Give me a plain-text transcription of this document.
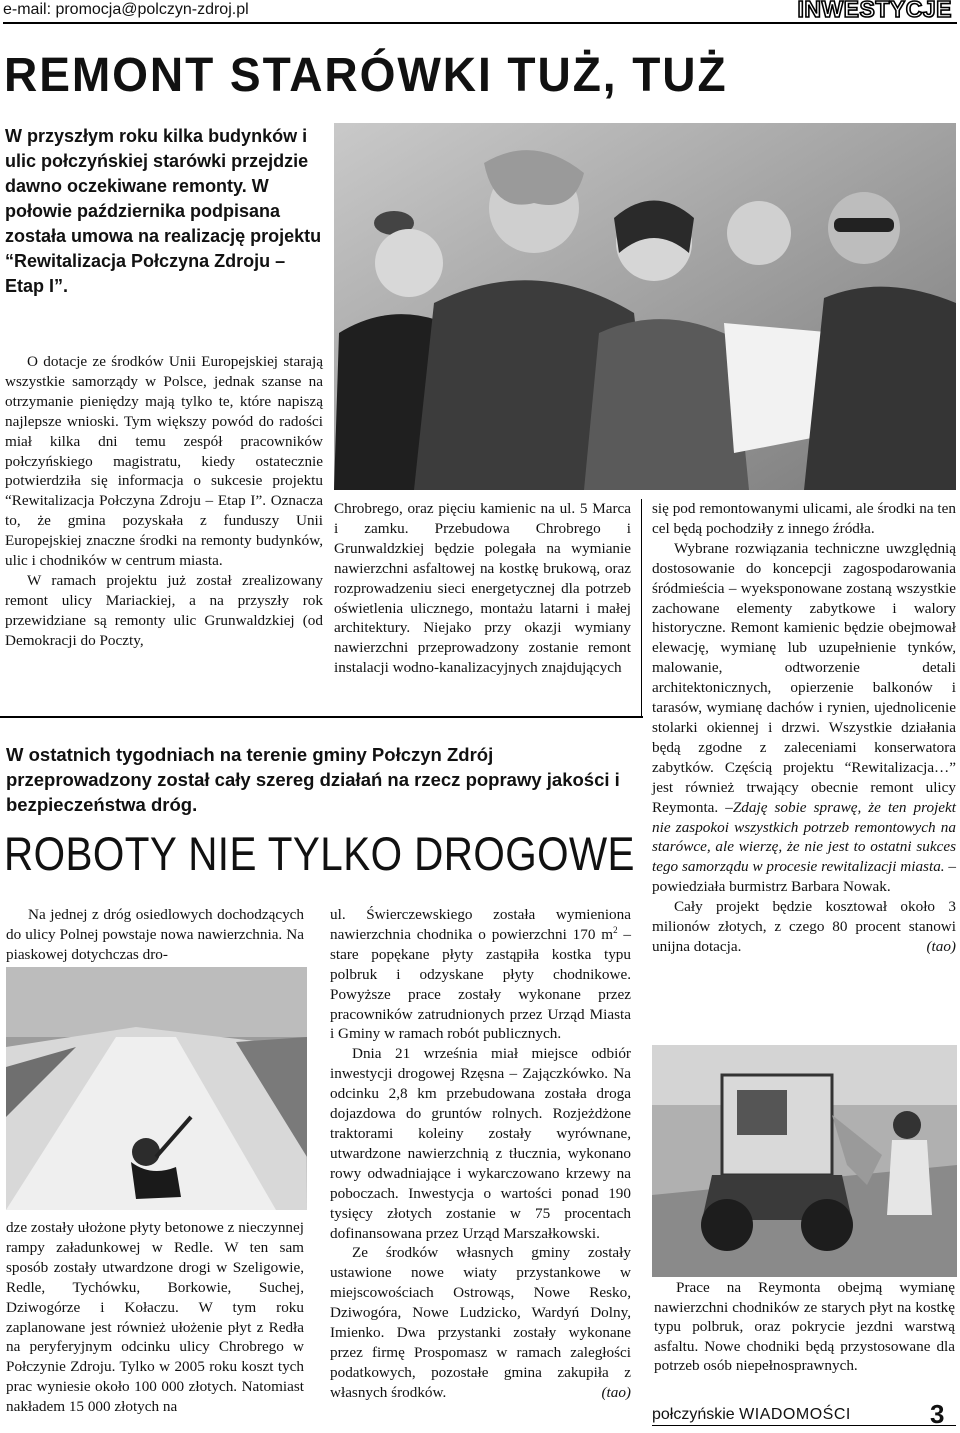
e-mail: promocja@polczyn-zdroj.pl	INWESTYCJE
REMONT STARÓWKI TUŻ, TUŻ
W przyszłym roku kilka budynków i ulic połczyńskiej starówki przejdzie dawno oczekiwane remonty. W połowie października podpisana została umowa na realizację projektu “Rewitalizacja Połczyna Zdroju – Etap I”.

O dotacje ze środków Unii Europejskiej starają wszystkie samorządy w Polsce, jednak szanse na otrzymanie pieniędzy mają tylko te, które napiszą najlepsze wnioski. Tym większy powód do radości miał kilka dni temu zespół pracowników połczyńskiego magistratu, kiedy ostatecznie potwierdziła się informacja o sukcesie projektu “Rewitalizacja Połczyna Zdroju – Etap I”. Oznacza to, że gmina pozyskała z funduszy Unii Europejskiej znaczne środki na remonty budynków, ulic i chodników w centrum miasta.

W ramach projektu już został zrealizowany remont ulicy Mariackiej, a na przyszły rok przewidziane są remonty ulic Grunwaldzkiej (od Demokracji do Poczty,

Chrobrego, oraz pięciu kamienic na ul. 5 Marca i zamku. Przebudowa Chrobrego i Grunwaldzkiej będzie polegała na wymianie nawierzchni asfaltowej na kostkę brukową, oraz rozprowadzeniu sieci energetycznej dla potrzeb oświetlenia ulicznego, montażu latarni i małej architektury. Niejako przy okazji wymiany nawierzchni przeprowadzony zostanie remont instalacji wodno-kanalizacyjnych znajdujących

się pod remontowanymi ulicami, ale środki na ten cel będą pochodziły z innego źródła.

Wybrane rozwiązania techniczne uwzględnią dostosowanie do koncepcji zagospodarowania śródmieścia – wyeksponowane zostaną wszystkie zachowane elementy zabytkowe i walory historyczne. Remont kamienic będzie obejmował elewację, wymianę lub uzupełnienie tynków, malowanie, odtworzenie detali architektonicznych, opierzenie balkonów i tarasów, wymianę dachów i rynien, ujednolicenie stolarki okiennej i drzwi. Wszystkie działania będą zgodne z zaleceniami konserwatora zabytków. Częścią projektu “Rewitalizacja…” jest również trwający obecnie remont ulicy Reymonta. –Zdaję sobie sprawę, że ten projekt nie zaspokoi wszystkich potrzeb remontowych na starówce, ale wierzę, że nie jest to ostatni sukces tego samorządu w procesie rewitalizacji miasta. – powiedziała burmistrz Barbara Nowak.

Cały projekt będzie kosztował około 3 milionów złotych, z czego 80 procent stanowi unijna dotacja.	(tao)

W ostatnich tygodniach na terenie gminy Połczyn Zdrój przeprowadzony został cały szereg działań na rzecz poprawy jakości i bezpieczeństwa dróg.
ROBOTY NIE TYLKO DROGOWE

Na jednej z dróg osiedlowych dochodzących do ulicy Polnej powstaje nowa nawierzchnia. Na piaskowej dotychczas dro-

dze zostały ułożone płyty betonowe z nieczynnej rampy załadunkowej w Redle. W ten sam sposób zostały utwardzone drogi w Szeligowie, Redle, Tychówku, Borkowie, Suchej, Dziwogórze i Kołaczu. W tym roku zaplanowane jest również ułożenie płyt z Redła na peryferyjnym odcinku ulicy Chrobrego w Połczynie Zdroju. Tylko w 2005 roku koszt tych prac wyniesie około 100 000 złotych. Natomiast nakładem 15 000 złotych na

ul. Świerczewskiego została wymieniona nawierzchnia chodnika o powierzchni 170 $m^2$ – stare popękane płyty zastąpiła kostka typu polbruk i odzyskane płyty chodnikowe. Powyższe prace zostały wykonane przez pracowników zatrudnionych przez Urząd Miasta i Gminy w ramach robót publicznych.

Dnia 21 września miał miejsce odbiór inwestycji drogowej Rzęsna – Zajączkówko. Na odcinku 2,8 km przebudowana została droga dojazdowa do gruntów rolnych. Rozjeżdżone traktorami koleiny zostały wyrównane, utwardzone nawierzchnią z tłucznia, wykonano rowy odwadniające i wykarczowano krzewy na poboczach. Inwestycja o wartości ponad 190 tysięcy złotych zostanie w 75 procentach dofinansowana przez Urząd Marszałkowski.

Ze środków własnych gminy zostały ustawione nowe wiaty przystankowe w miejscowościach Ostrowąs, Nowe Resko, Dziwogóra, Nowe Ludzicko, Wardyń Dolny, Imienko. Dwa przystanki zostały wykonane przez firmę Prospomasz w ramach zaległości podatkowych, pozostałe gmina zakupiła z własnych środków.	(tao)

Prace na Reymonta obejmą wymianę nawierzchni chodników ze starych płyt na kostkę typu polbruk, oraz pokrycie jezdni warstwą asfaltu. Nowe chodniki będą przystosowane dla potrzeb osób niepełnosprawnych.

połczyńskie WIADOMOŚCI	3
